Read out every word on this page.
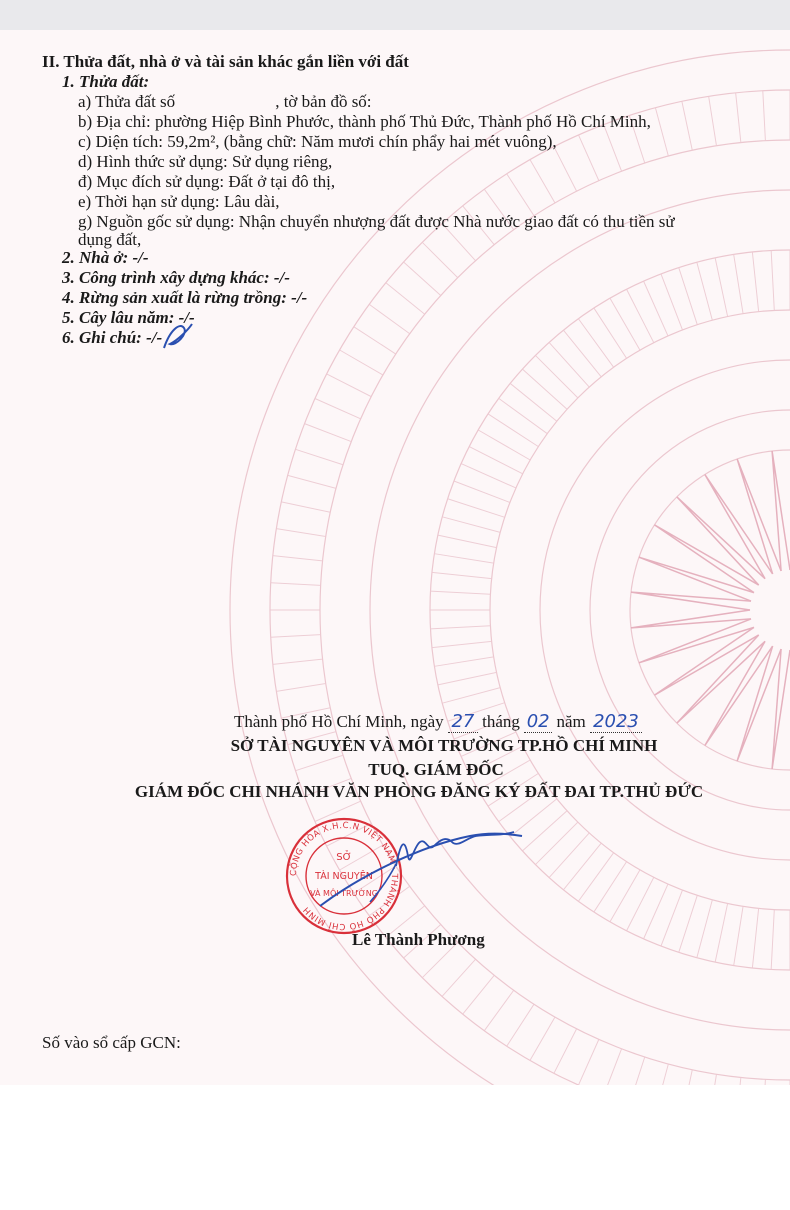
II. Thửa đất, nhà ở và tài sản khác gắn liền với đất
1. Thửa đất:
a) Thửa đất số	, tờ bản đồ số:
b) Địa chỉ: phường Hiệp Bình Phước, thành phố Thủ Đức, Thành phố Hồ Chí Minh,
c) Diện tích: 59,2m², (bằng chữ: Năm mươi chín phẩy hai mét vuông),
d) Hình thức sử dụng: Sử dụng riêng,
đ) Mục đích sử dụng: Đất ở tại đô thị,
e) Thời hạn sử dụng: Lâu dài,
g) Nguồn gốc sử dụng: Nhận chuyển nhượng đất được Nhà nước giao đất có thu tiền sử
dụng đất,
2. Nhà ở: -/-
3. Công trình xây dựng khác: -/-
4. Rừng sản xuất là rừng trồng: -/-
5. Cây lâu năm: -/-
6. Ghi chú: -/-
Thành phố Hồ Chí Minh, ngày 27 tháng 02 năm 2023
SỞ TÀI NGUYÊN VÀ MÔI TRƯỜNG TP.HỒ CHÍ MINH
TUQ. GIÁM ĐỐC
GIÁM ĐỐC CHI NHÁNH VĂN PHÒNG ĐĂNG KÝ ĐẤT ĐAI TP.THỦ ĐỨC
CỘNG HÒA X.H.C.N VIỆT NAM · THÀNH PHỐ HỒ CHÍ MINH
SỞ
TÀI NGUYÊN
VÀ MÔI TRƯỜNG
Lê Thành Phương
Số vào sổ cấp GCN:
